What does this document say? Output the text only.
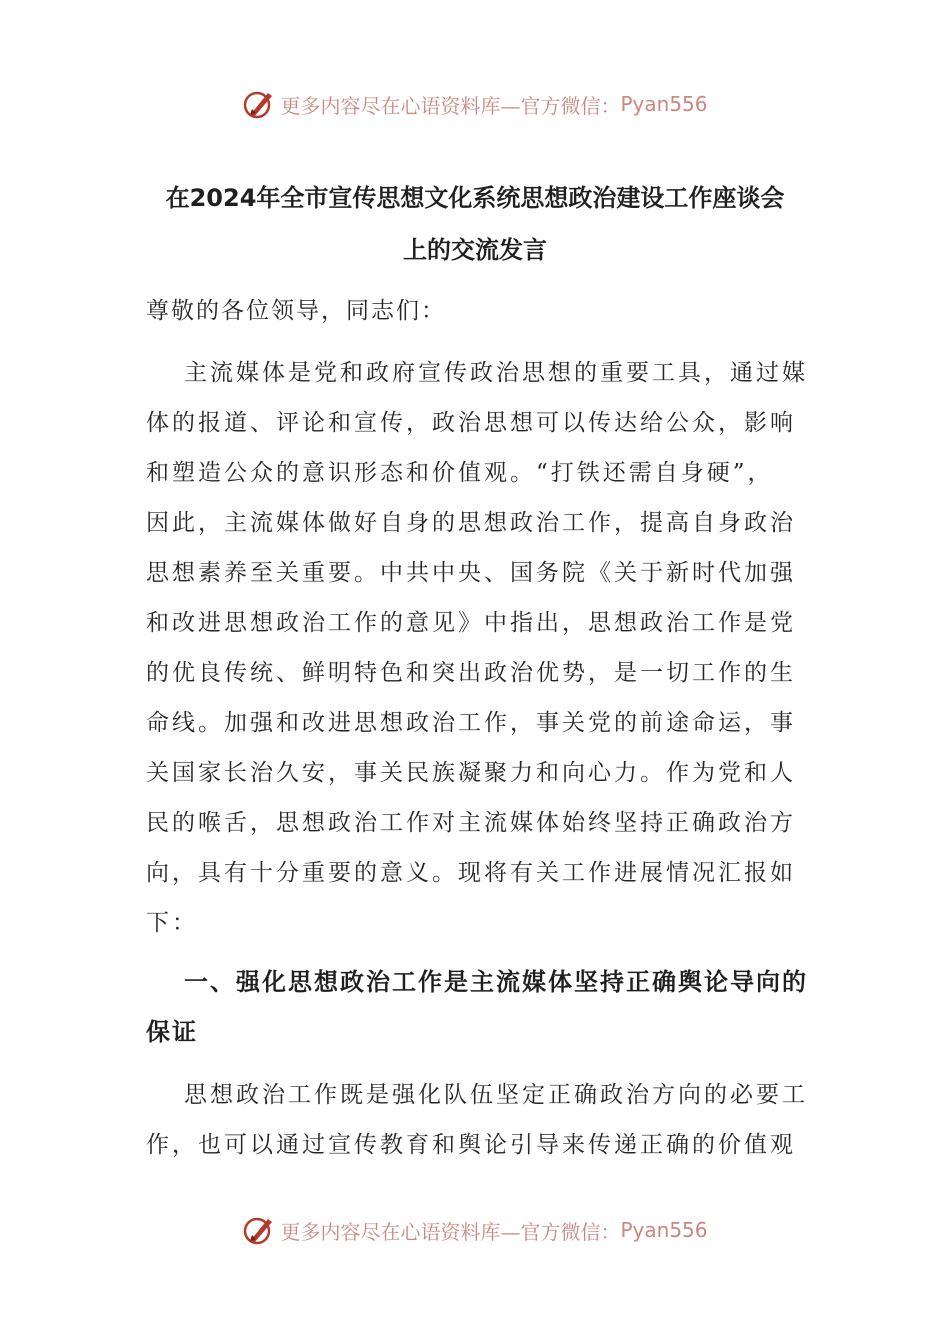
更多内容尽在心语资料库—官方微信： Pyan556
在2024年全市宣传思想文化系统思想政治建设工作座谈会
上的交流发言
尊敬的各位领导，同志们：
主流媒体是党和政府宣传政治思想的重要工具，通过媒
体的报道、评论和宣传，政治思想可以传达给公众，影响
和塑造公众的意识形态和价值观。“打铁还需自身硬”，
因此，主流媒体做好自身的思想政治工作，提高自身政治
思想素养至关重要。中共中央、国务院《关于新时代加强
和改进思想政治工作的意见》中指出，思想政治工作是党
的优良传统、鲜明特色和突出政治优势，是一切工作的生
命线。加强和改进思想政治工作，事关党的前途命运，事
关国家长治久安，事关民族凝聚力和向心力。作为党和人
民的喉舌，思想政治工作对主流媒体始终坚持正确政治方
向，具有十分重要的意义。现将有关工作进展情况汇报如
下：
一、强化思想政治工作是主流媒体坚持正确舆论导向的
保证
思想政治工作既是强化队伍坚定正确政治方向的必要工
作，也可以通过宣传教育和舆论引导来传递正确的价值观
更多内容尽在心语资料库—官方微信： Pyan556
